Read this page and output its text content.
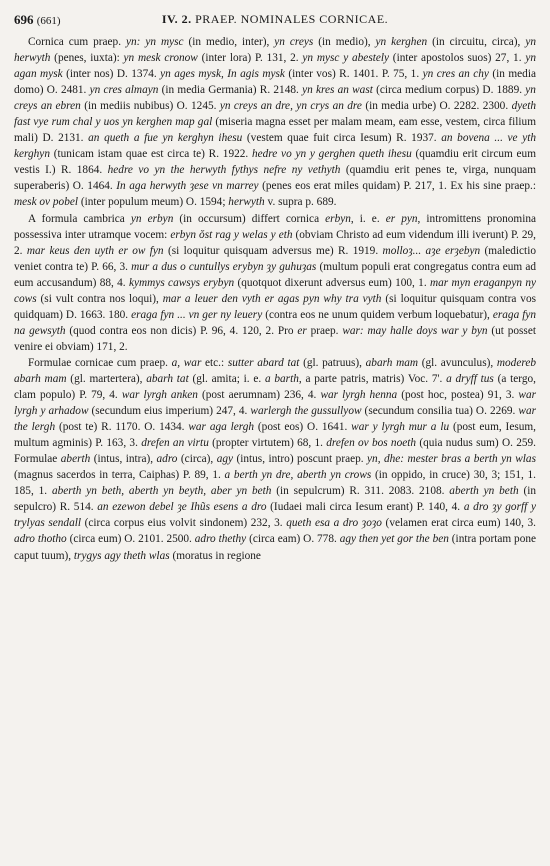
696 (661)	IV. 2. PRAEP. NOMINALES CORNICAE.

Cornica cum praep. yn: yn mysc (in medio, inter), yn creys (in medio), yn kerghen (in circuitu, circa), yn herwyth (penes, iuxta): yn mesk cronow (inter lora) P. 131, 2. yn mysc y abestely (inter apostolos suos) 27, 1. yn agan mysk (inter nos) D. 1374. yn ages mysk, In agis mysk (inter vos) R. 1401. P. 75, 1. yn cres an chy (in media domo) O. 2481. yn cres almayn (in media Germania) R. 2148. yn kres an wast (circa medium corpus) D. 1889. yn creys an ebren (in mediis nubibus) O. 1245. yn creys an dre, yn crys an dre (in media urbe) O. 2282. 2300. dyeth fast vye rum chal y uos yn kerghen map gal (miseria magna esset per malam meam, eam esse, vestem, circa filium mali) D. 2131. an queth a fue yn kerghyn ihesu (vestem quae fuit circa Iesum) R. 1937. an bovena ... ve yth kerghyn (tunicam istam quae est circa te) R. 1922. hedre vo yn y gerghen queth ihesu (quamdiu erit circum eum vestis I.) R. 1864. hedre vo yn the herwyth fythys nefre ny vethyth (quamdiu erit penes te, virga, nunquam superaberis) O. 1464. In aga herwyth ȝese vn marrey (penes eos erat miles quidam) P. 217, 1. Ex his sine praep.: mesk ov pobel (inter populum meum) O. 1594; herwyth v. supra p. 689.

A formula cambrica yn erbyn (in occursum) differt cornica erbyn, i. e. er pyn, intromittens pronomina possessiva inter utramque vocem: erbyn ŏst rag y welas y eth (obviam Christo ad eum videndum illi iverunt) P. 29, 2. mar keus den uyth er ow fyn (si loquitur quisquam adversus me) R. 1919. molloȝ... aȝe erȝebyn (maledictio veniet contra te) P. 66, 3. mur a dus o cuntullys erybyn ȝy guhuȝas (multum populi erat congregatus contra eum ad eum accusandum) 88, 4. kymmys cawsys erybyn (quotquot dixerunt adversus eum) 100, 1. mar myn eraganpyn ny cows (si vult contra nos loqui), mar a leuer den vyth er agas pyn why tra vyth (si loquitur quisquam contra vos quidquam) D. 1663. 180. eraga fyn ... vn ger ny leuery (contra eos ne unum quidem verbum loquebatur), eraga fyn na gewsyth (quod contra eos non dicis) P. 96, 4. 120, 2. Pro er praep. war: may halle doys war y byn (ut posset venire ei obviam) 171, 2.

Formulae cornicae cum praep. a, war etc.: sutter abard tat (gl. patruus), abarh mam (gl. avunculus), modereb abarh mam (gl. martertera), abarh tat (gl. amita; i. e. a barth, a parte patris, matris) Voc. 7'. a dryff tus (a tergo, clam populo) P. 79, 4. war lyrgh anken (post aerumnam) 236, 4. war lyrgh henna (post hoc, postea) 91, 3. war lyrgh y arhadow (secundum eius imperium) 247, 4. warlergh the gussullyow (secundum consilia tua) O. 2269. war the lergh (post te) R. 1170. O. 1434. war aga lergh (post eos) O. 1641. war y lyrgh mur a lu (post eum, Iesum, multum agminis) P. 163, 3. drefen an virtu (propter virtutem) 68, 1. drefen ov bos noeth (quia nudus sum) O. 259. Formulae aberth (intus, intra), adro (circa), agy (intus, intro) poscunt praep. yn, dhe: mester bras a berth yn wlas (magnus sacerdos in terra, Caiphas) P. 89, 1. a berth yn dre, aberth yn crows (in oppido, in cruce) 30, 3; 151, 1. 185, 1. aberth yn beth, aberth yn beyth, aber yn beth (in sepulcrum) R. 311. 2083. 2108. aberth yn beth (in sepulcro) R. 514. an ezewon debel ȝe Ihũs esens a dro (Iudaei mali circa Iesum erant) P. 140, 4. a dro ȝy gorff y trylyas sendall (circa corpus eius volvit sindonem) 232, 3. queth esa a dro ȝoȝo (velamen erat circa eum) 140, 3. adro thotho (circa eum) O. 2101. 2500. adro thethy (circa eam) O. 778. agy then yet gor the ben (intra portam pone caput tuum), trygys agy theth wlas (moratus in regione
